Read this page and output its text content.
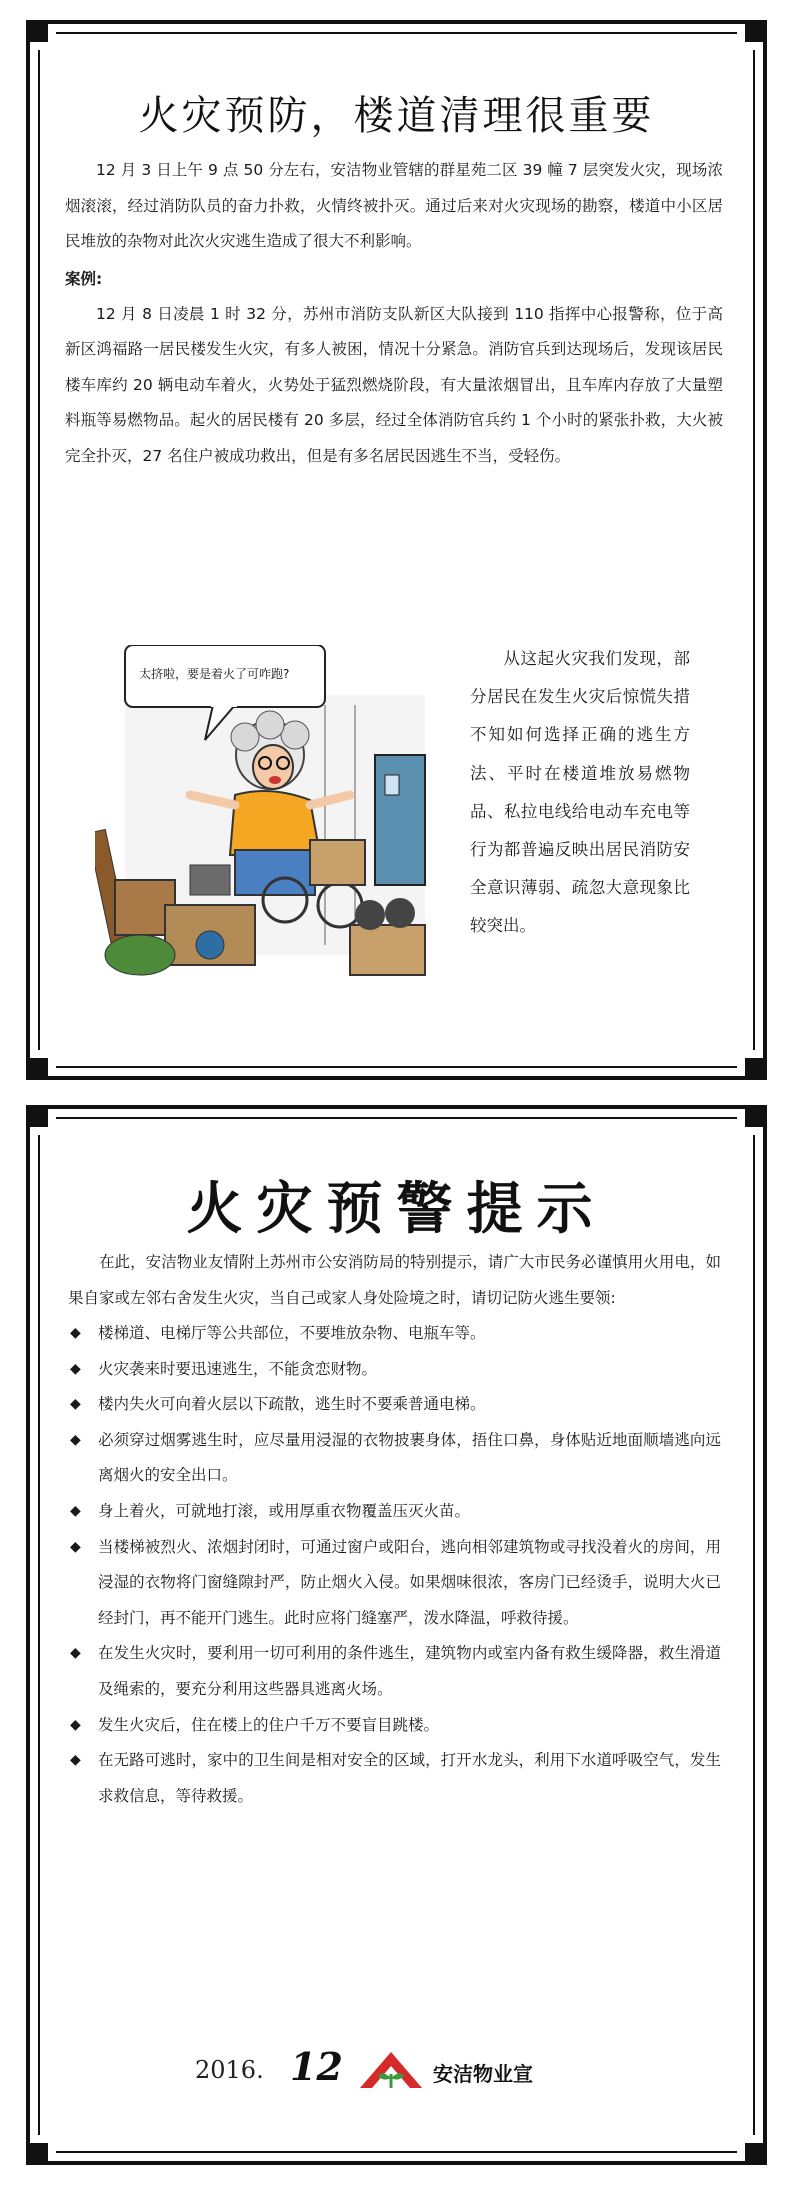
火灾预防，楼道清理很重要

12 月 3 日上午 9 点 50 分左右，安洁物业管辖的群星苑二区 39 幢 7 层突发火灾，现场浓烟滚滚，经过消防队员的奋力扑救，火情终被扑灭。通过后来对火灾现场的勘察，楼道中小区居民堆放的杂物对此次火灾逃生造成了很大不利影响。

案例:

12 月 8 日凌晨 1 时 32 分，苏州市消防支队新区大队接到 110 指挥中心报警称，位于高新区鸿福路一居民楼发生火灾，有多人被困，情况十分紧急。消防官兵到达现场后，发现该居民楼车库约 20 辆电动车着火，火势处于猛烈燃烧阶段，有大量浓烟冒出，且车库内存放了大量塑料瓶等易燃物品。起火的居民楼有 20 多层，经过全体消防官兵约 1 个小时的紧张扑救，大火被完全扑灭，27 名住户被成功救出，但是有多名居民因逃生不当，受轻伤。

太挤啦，要是着火了可咋跑?
从这起火灾我们发现，部分居民在发生火灾后惊慌失措不知如何选择正确的逃生方法、平时在楼道堆放易燃物品、私拉电线给电动车充电等行为都普遍反映出居民消防安全意识薄弱、疏忽大意现象比较突出。
火灾预警提示

在此，安洁物业友情附上苏州市公安消防局的特别提示，请广大市民务必谨慎用火用电，如果自家或左邻右舍发生火灾，当自己或家人身处险境之时，请切记防火逃生要领:

◆ 楼梯道、电梯厅等公共部位，不要堆放杂物、电瓶车等。
◆ 火灾袭来时要迅速逃生，不能贪恋财物。
◆ 楼内失火可向着火层以下疏散，逃生时不要乘普通电梯。
◆ 必须穿过烟雾逃生时，应尽量用浸湿的衣物披裹身体，捂住口鼻，身体贴近地面顺墙逃向远离烟火的安全出口。
◆ 身上着火，可就地打滚，或用厚重衣物覆盖压灭火苗。
◆ 当楼梯被烈火、浓烟封闭时，可通过窗户或阳台，逃向相邻建筑物或寻找没着火的房间，用浸湿的衣物将门窗缝隙封严，防止烟火入侵。如果烟味很浓，客房门已经烫手，说明大火已经封门，再不能开门逃生。此时应将门缝塞严，泼水降温，呼救待援。
◆ 在发生火灾时，要利用一切可利用的条件逃生，建筑物内或室内备有救生缓降器，救生滑道及绳索的，要充分利用这些器具逃离火场。
◆ 发生火灾后，住在楼上的住户千万不要盲目跳楼。
◆ 在无路可逃时，家中的卫生间是相对安全的区域，打开水龙头，利用下水道呼吸空气，发生求救信息，等待救援。
2016. 12	安洁物业宣
